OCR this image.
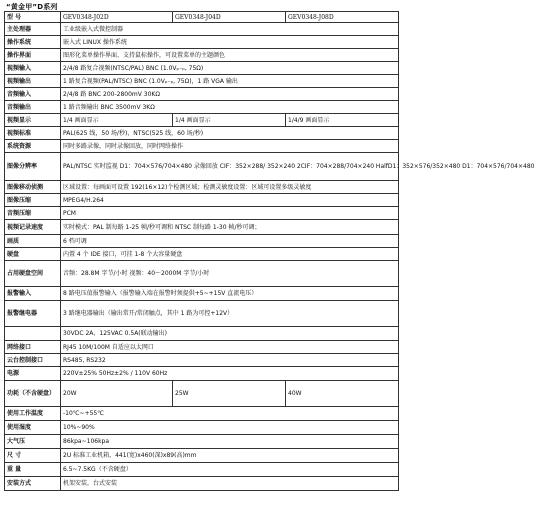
“黄金甲”D系列
型 号	GEV0348-J02D	GEV0348-J04D	GEV0348-J08D
主处理器	工业级嵌入式微控制器		
操作系统	嵌入式 LINUX 操作系统		
操作界面	图形化菜单操作界面、支持鼠标操作，可设置菜单的主题颜色		
视频输入	2/4/8 路复合视频(NTSC/PAL) BNC (1.0Vₚ₋ₚ, 75Ω)		
视频输出	1 路复合视频(PAL/NTSC) BNC (1.0Vₚ₋ₚ, 75Ω)，1 路 VGA 输出		
音频输入	2/4/8 路 BNC 200-2800mV 30KΩ		
音频输出	1 路音频输出 BNC 3500mV 3KΩ		
视频显示	1/4 画面显示	1/4 画面显示	1/4/9 画面显示
视频标准	PAL(625 线，50 场/秒)，NTSC(525 线，60 场/秒)		
系统资源	同时多路录像，同时录像回放，同时网络操作		
图像分辨率	PAL/NTSC 实时监视 D1：704×576/704×480 录像回放 CIF：352×288/ 352×240 2CIF：704×288/704×240 HalfD1：352×576/352×480 D1：704×576/704×480		
图像移动侦测	区域设置：每画面可设置 192(16×12)个检测区域；检测灵敏度设置：区域可设置多级灵敏度		
图像压缩	MPEG4/H.264		
音频压缩	PCM		
视频记录速度	实时模式：PAL 制每路 1-25 帧/秒可调和 NTSC 制每路 1-30 帧/秒可调；		
画质	6 档可调		
硬盘	内置 4 个 IDE 接口，可挂 1-8 个大容量硬盘		
占用硬盘空间	音频：28.8M 字节/小时 视频：40～2000M 字节/小时		
报警输入	8 路电压值报警输入（报警输入端在报警时须提供+5~+15V 直流电压）		
报警继电器	3 路继电器输出（输出常开/常闭触点，其中 1 路为可控+12V）		
	30VDC 2A，125VAC 0.5A(联动输出)		
网络接口	RJ45 10M/100M 自适应以太网口		
云台控制接口	RS485, RS232		
电源	220V±25% 50Hz±2% / 110V 60Hz		
功耗（不含硬盘）	20W	25W	40W
使用工作温度	-10℃~+55℃		
使用湿度	10%~90%		
大气压	86kpa~106kpa		
尺 寸	2U 标准工业机箱，441(宽)x460(深)x89(高)mm		
重 量	6.5~7.5KG（不含硬盘）		
安装方式	机架安装，台式安装		
